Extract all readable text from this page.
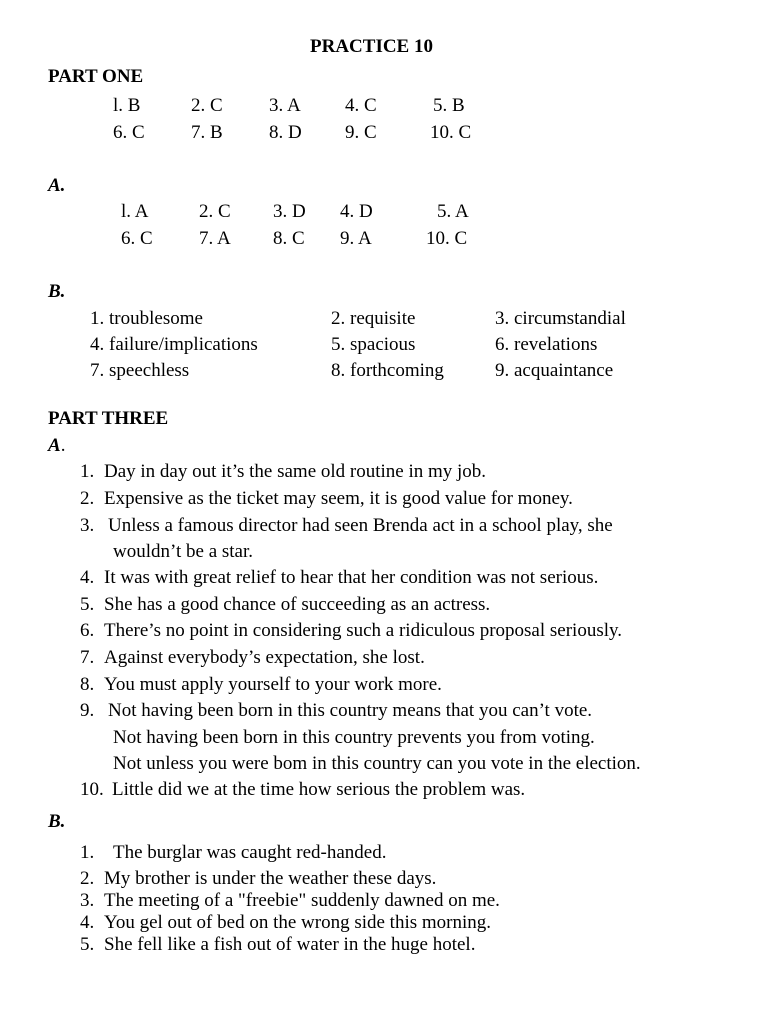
PRACTICE 10
PART ONE
l. B	2. C 3. A 4. C	5. B
6. C 7. B 8. D 9. C	10. C
A.
l. A	2. C 3. D 4. D	5. A
6. C 7. A 8. C 9. A	10. C
B.
1. troublesome	2. requisite	3. circumstandial
4. failure/implications	5. spacious	6. revelations
7. speechless	8. forthcoming	9. acquaintance
PART THREE
A.
1. Day in day out it’s the same old routine in my job.
2. Expensive as the ticket may seem, it is good value for money.
3. Unless a famous director had seen Brenda act in a school play, she
wouldn’t be a star.
4. It was with great relief to hear that her condition was not serious.
5. She has a good chance of succeeding as an actress.
6. There’s no point in considering such a ridiculous proposal seriously.
7. Against everybody’s expectation, she lost.
8. You must apply yourself to your work more.
9. Not having been born in this country means that you can’t vote.
Not having been born in this country prevents you from voting.
Not unless you were bom in this country can you vote in the election.
10. Little did we at the time how serious the problem was.
B.
1. The burglar was caught red-handed.
2. My brother is under the weather these days.
3. The meeting of a "freebie" suddenly dawned on me.
4. You gel out of bed on the wrong side this morning.
5. She fell like a fish out of water in the huge hotel.
